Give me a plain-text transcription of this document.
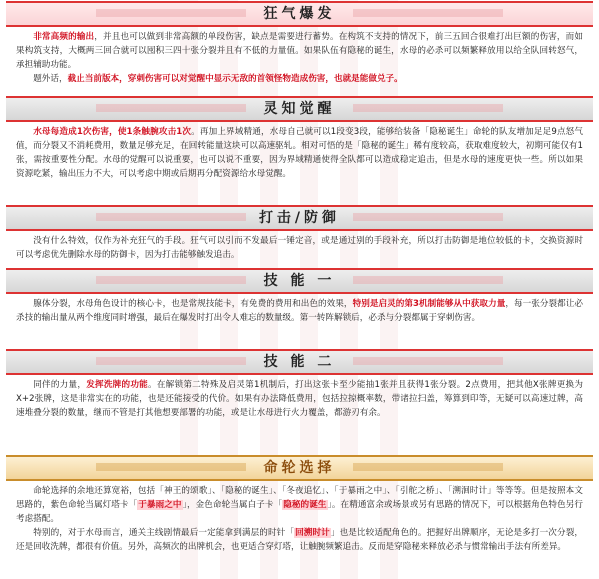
狂气爆发
非常高频的输出，并且也可以做到非常高额的单段伤害，缺点是需要进行蓄势。在构筑不支持的情况下，前三五回合很难打出巨额的伤害，而如果构筑支持，大概两三回合就可以囤积三四十张分裂并且有不低的力量值。如果队伍有隐秘的诞生，水母的必杀可以频繁释放用以给全队回转怒气，承担辅助功能。
题外话，截止当前版本，穿刺伤害可以对觉醒中显示无敌的首领怪物造成伤害，也就是能做兑子。
灵知觉醒
水母每造成1次伤害，使1条触腕攻击1次。再加上界域精通，水母自己就可以1段变3段，能够给装备「隐秘诞生」命轮的队友增加足足9点怒气值，而分裂又不消耗费用，数量足够充足，在回转能量这块可以高速驱轧。相对可悟的是「隐秘的诞生」稀有度较高，获取难度较大，初期可能仅有1张，需按重要性分配。水母的觉醒可以说重要，也可以说不重要，因为界域精通使得全队都可以造成稳定追击，但是水母的速度更快一些。所以如果资源吃紧，输出压力不大，可以考虑中期或后期再分配资源给水母觉醒。
打击/防御
没有什么特效，仅作为补充狂气的手段。狂气可以引而不发最后一锤定音，或是通过别的手段补充，所以打击防御是地位较低的卡，交换资源时可以考虑优先删除水母的防御卡，因为打击能够触发追击。
技 能 一
腺体分裂，水母角色设计的核心卡，也是常规技能卡，有免费的费用和出色的效果，特别是启灵的第3机制能够从中获取力量，每一张分裂都让必杀技的输出量从两个维度同时增强，最后在爆发时打出令人难忘的数量级。第一转阵解锁后，必杀与分裂都属于穿刺伤害。
技 能 二
同伴的力量，发挥洗牌的功能。在解锁第二特殊及启灵第1机制后，打出这张卡至少能抽1张并且获得1张分裂。2点费用，把其他X张牌更换为X+2张牌，这是非常实在的功能，也是还能接受的代价。如果有办法降低费用，包括拉掠概率数，带诸拉扫盖，筹算到印等，无疑可以高速过牌，高速堆叠分裂的数量，继而不管是打其他想要部署的功能，或是让水母进行火力覆盖，都游刃有余。
命轮选择
命轮选择的余地还算宽裕，包括「神王的颂歌」、「隐秘的诞生」、「冬夜追忆」、「于暴雨之中」、「引舵之桥」、「溯洄时计」等等等。但是按照本文思路的，紫色命轮当属灯塔卡「于暴雨之中」，金色命轮当属白子卡「隐秘的诞生」。在精通富余或场景或另有思路的情况下，可以根据角色特色另行考虑搭配。
特别的，对于水母而言，通关主线剧情最后一定能拿到满层的时针「回溯时计」也是比较适配角色的。把握好出牌顺序，无论是多打一次分裂，还是回收洗牌，都很有价值。另外，高频次的出牌机会，也更适合穿灯塔，让触腕频繁追击。反而是穿隐秘来释放必杀与惯常输出手法有所差异。
